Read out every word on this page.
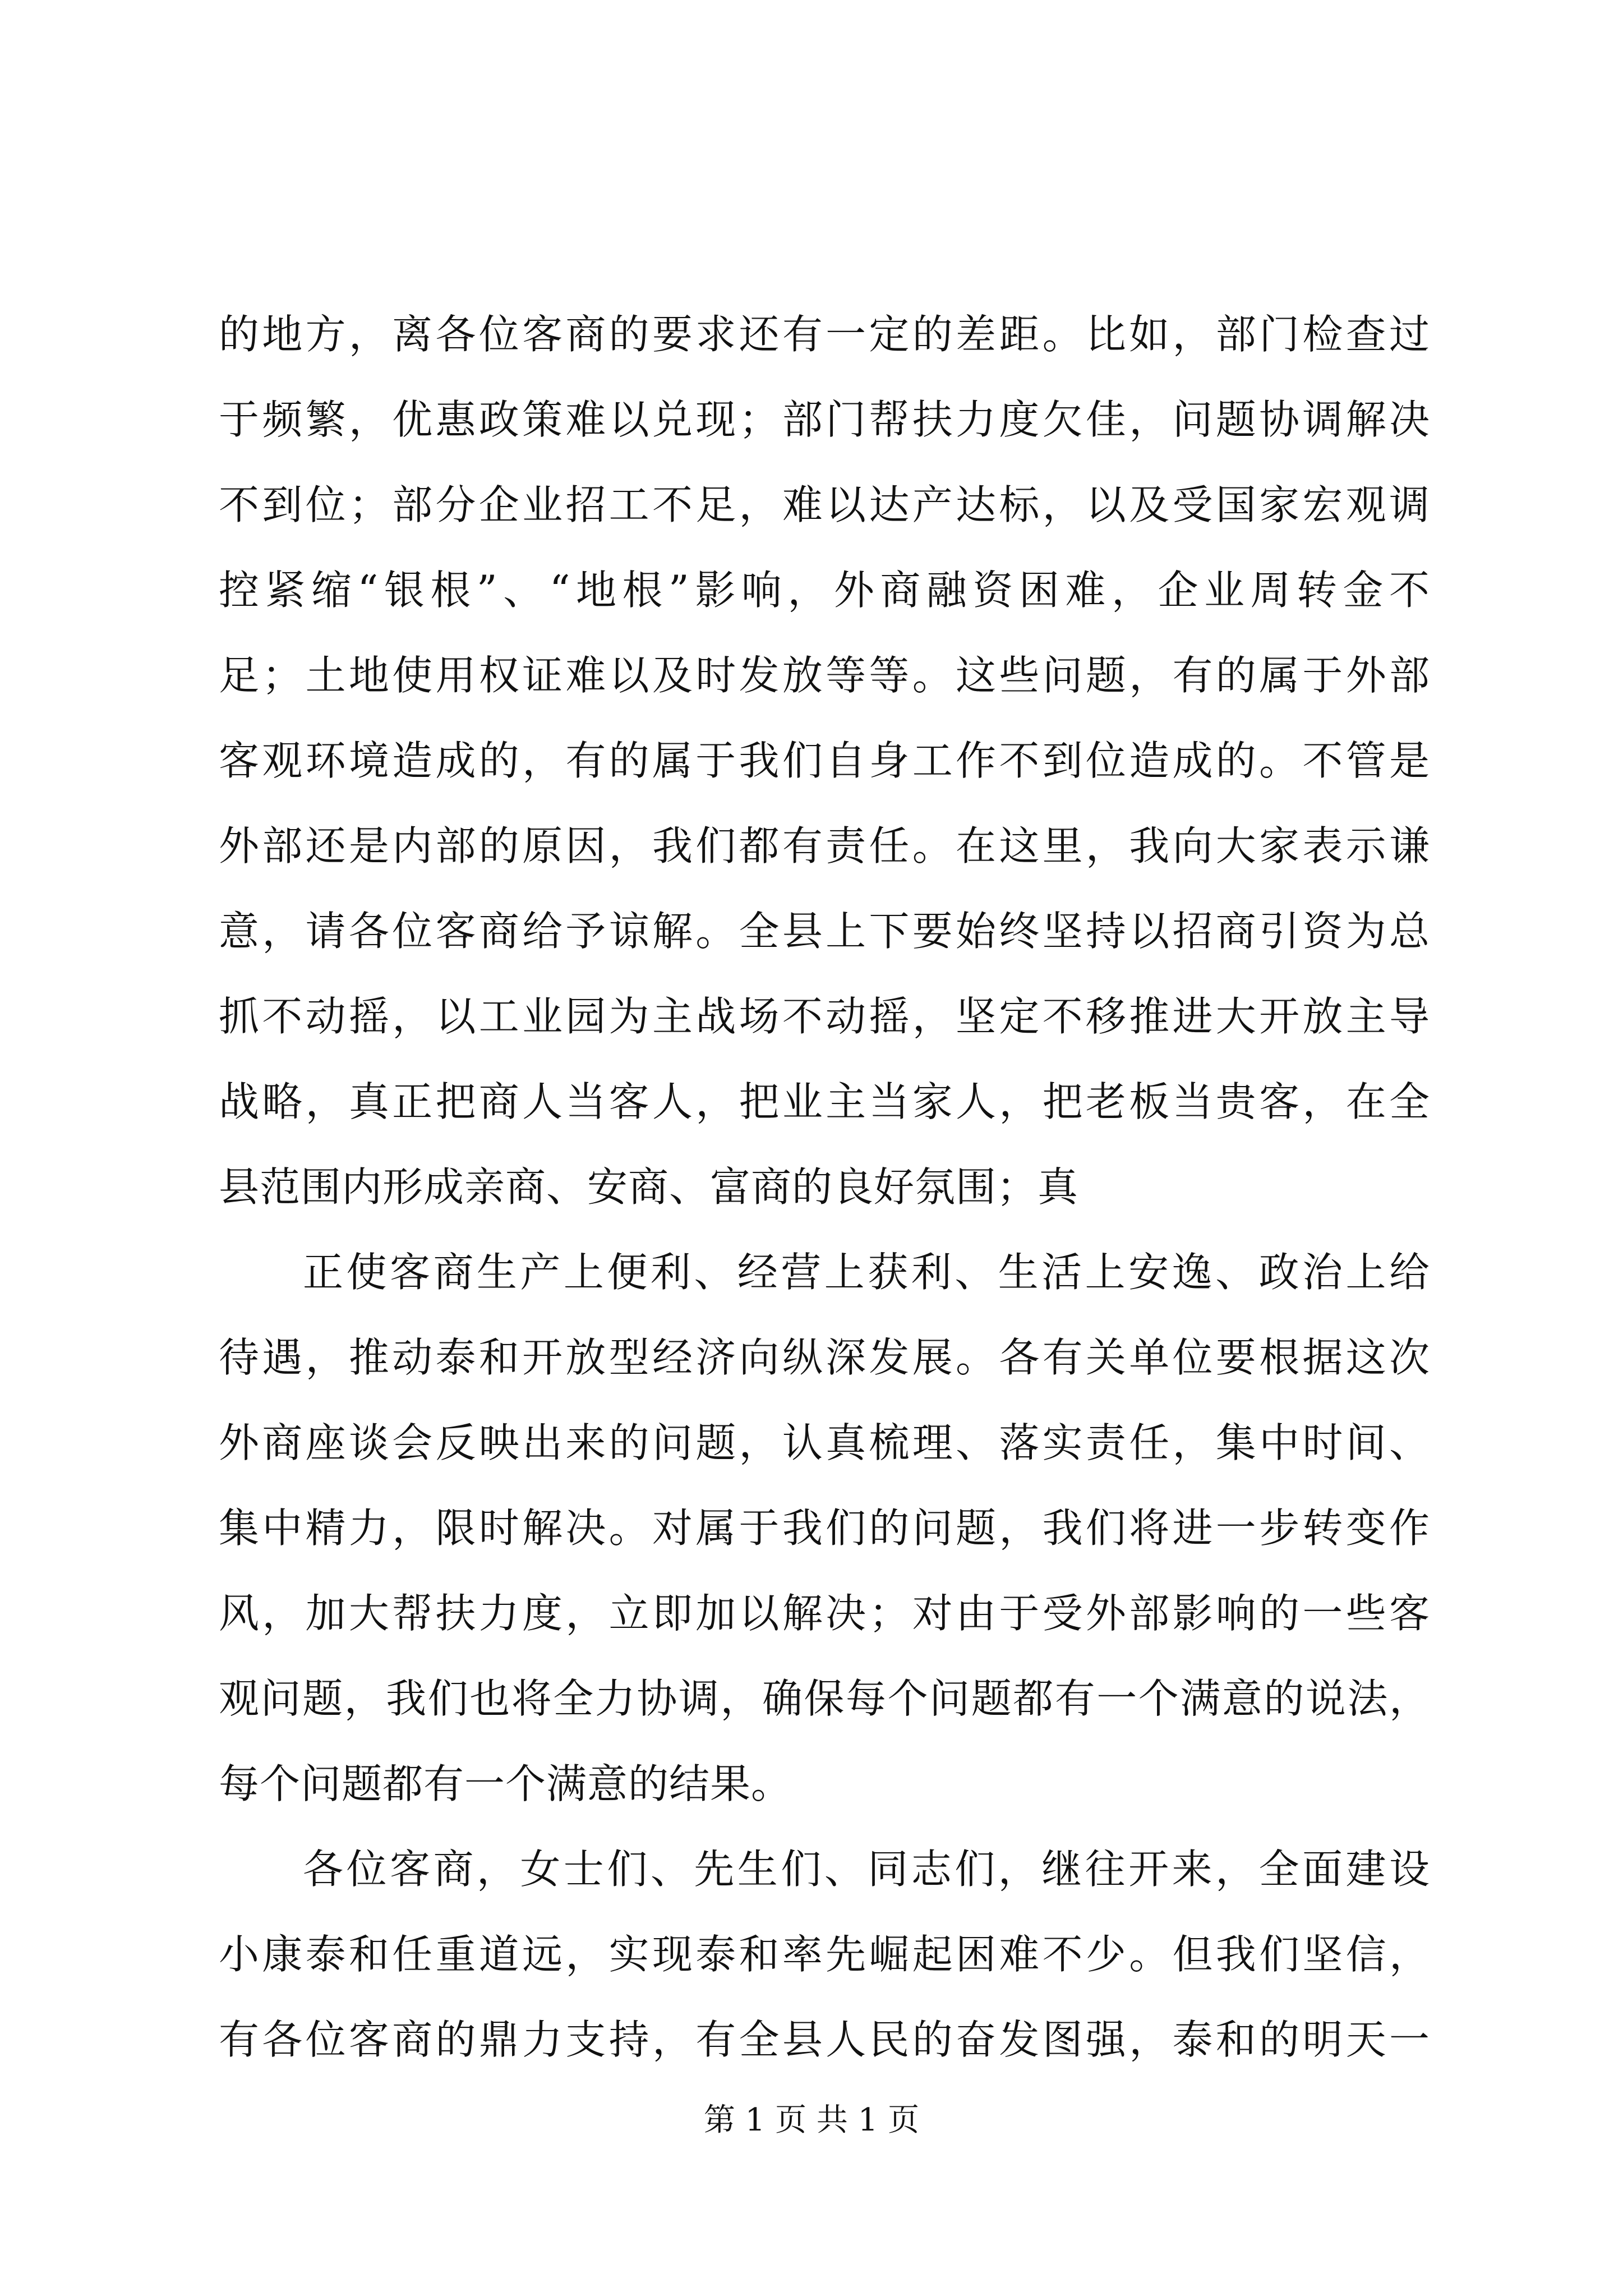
的地方，离各位客商的要求还有一定的差距。比如，部门检查过
于频繁，优惠政策难以兑现；部门帮扶力度欠佳，问题协调解决
不到位；部分企业招工不足，难以达产达标，以及受国家宏观调
控紧缩“银根”、“地根”影响，外商融资困难，企业周转金不
足；土地使用权证难以及时发放等等。这些问题，有的属于外部
客观环境造成的，有的属于我们自身工作不到位造成的。不管是
外部还是内部的原因，我们都有责任。在这里，我向大家表示谦
意，请各位客商给予谅解。全县上下要始终坚持以招商引资为总
抓不动摇，以工业园为主战场不动摇，坚定不移推进大开放主导
战略，真正把商人当客人，把业主当家人，把老板当贵客，在全
县范围内形成亲商、安商、富商的良好氛围；真
正使客商生产上便利、经营上获利、生活上安逸、政治上给
待遇，推动泰和开放型经济向纵深发展。各有关单位要根据这次
外商座谈会反映出来的问题，认真梳理、落实责任，集中时间、
集中精力，限时解决。对属于我们的问题，我们将进一步转变作
风，加大帮扶力度，立即加以解决；对由于受外部影响的一些客
观问题，我们也将全力协调，确保每个问题都有一个满意的说法，
每个问题都有一个满意的结果。
各位客商，女士们、先生们、同志们，继往开来，全面建设
小康泰和任重道远，实现泰和率先崛起困难不少。但我们坚信，
有各位客商的鼎力支持，有全县人民的奋发图强，泰和的明天一
第 1 页 共 1 页
